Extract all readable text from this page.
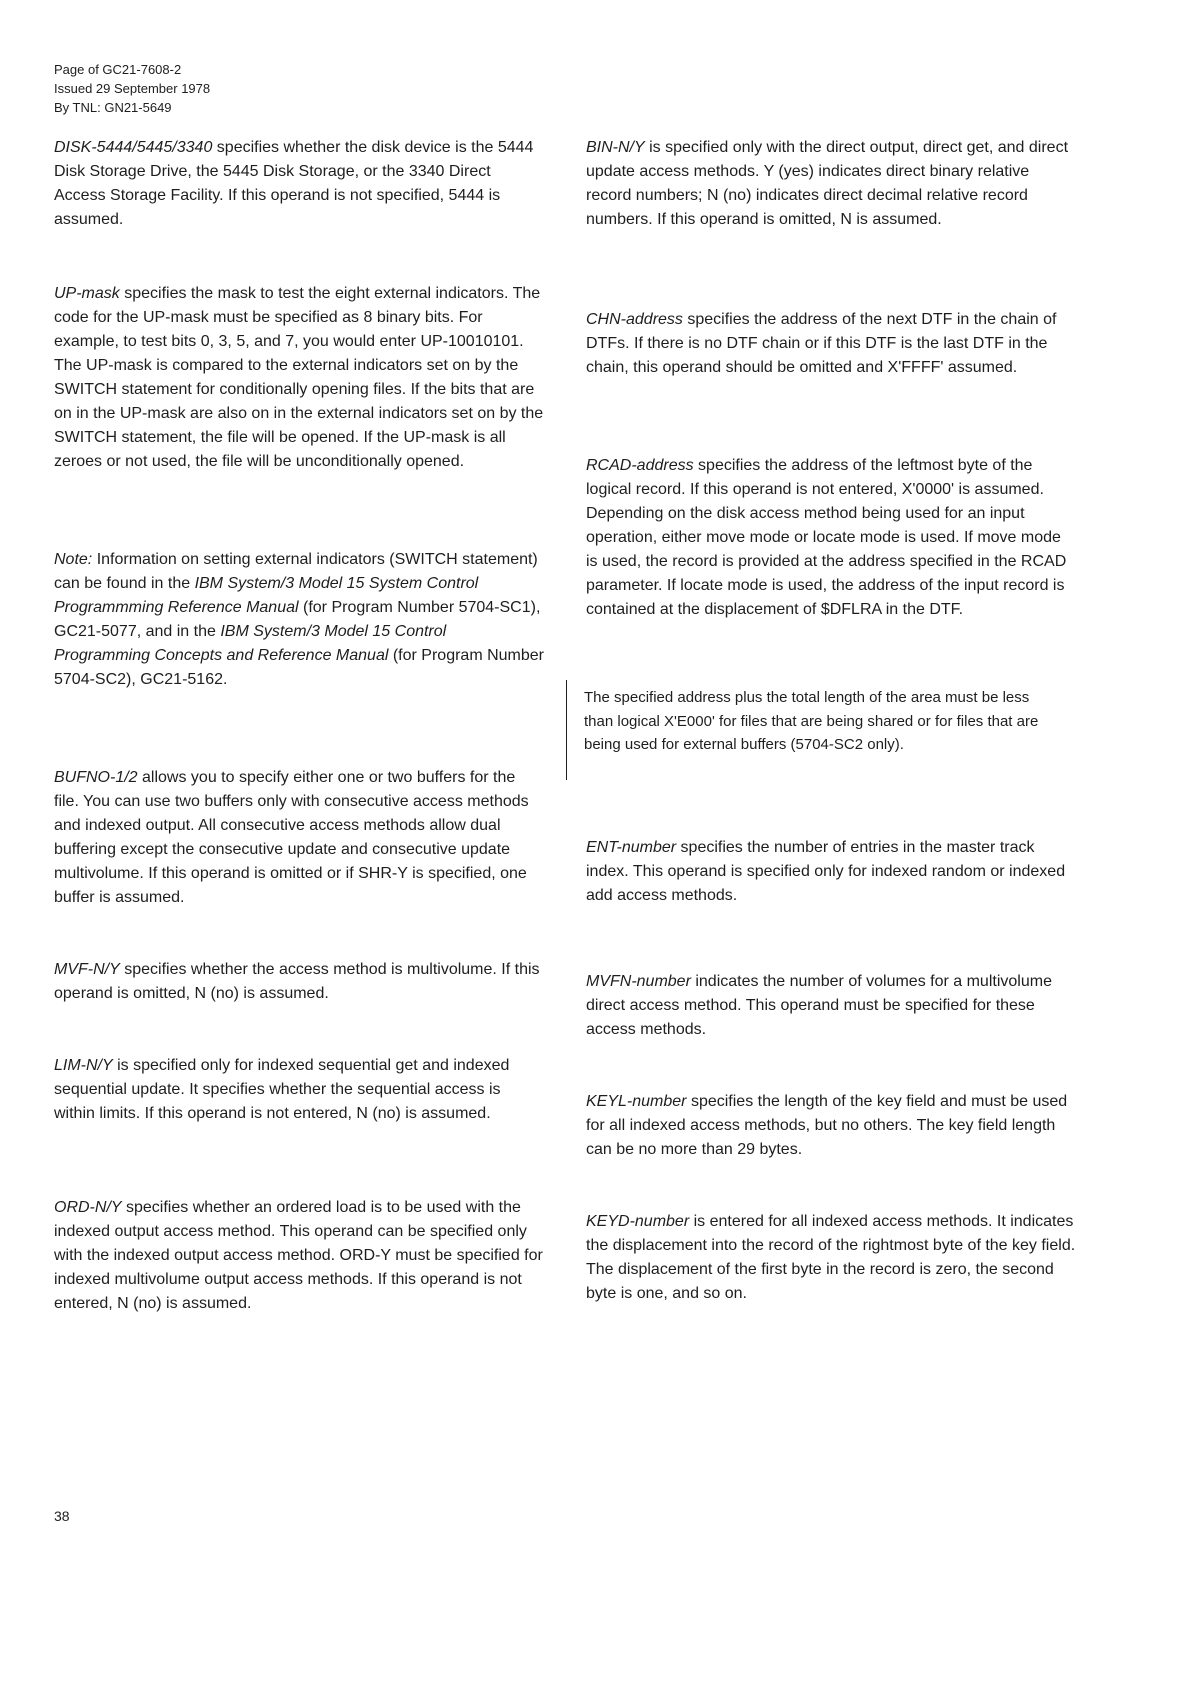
Page of GC21-7608-2
Issued 29 September 1978
By TNL: GN21-5649

DISK-5444/5445/3340 specifies whether the disk device is the 5444 Disk Storage Drive, the 5445 Disk Storage, or the 3340 Direct Access Storage Facility. If this operand is not specified, 5444 is assumed.

UP-mask specifies the mask to test the eight external indicators. The code for the UP-mask must be specified as 8 binary bits. For example, to test bits 0, 3, 5, and 7, you would enter UP-10010101. The UP-mask is compared to the external indicators set on by the SWITCH statement for conditionally opening files. If the bits that are on in the UP-mask are also on in the external indicators set on by the SWITCH statement, the file will be opened. If the UP-mask is all zeroes or not used, the file will be unconditionally opened.

Note: Information on setting external indicators (SWITCH statement) can be found in the IBM System/3 Model 15 System Control Programmming Reference Manual (for Program Number 5704-SC1), GC21-5077, and in the IBM System/3 Model 15 Control Programming Concepts and Reference Manual (for Program Number 5704-SC2), GC21-5162.

BUFNO-1/2 allows you to specify either one or two buffers for the file. You can use two buffers only with consecutive access methods and indexed output. All consecutive access methods allow dual buffering except the consecutive update and consecutive update multivolume. If this operand is omitted or if SHR-Y is specified, one buffer is assumed.

MVF-N/Y specifies whether the access method is multivolume. If this operand is omitted, N (no) is assumed.

LIM-N/Y is specified only for indexed sequential get and indexed sequential update. It specifies whether the sequential access is within limits. If this operand is not entered, N (no) is assumed.

ORD-N/Y specifies whether an ordered load is to be used with the indexed output access method. This operand can be specified only with the indexed output access method. ORD-Y must be specified for indexed multivolume output access methods. If this operand is not entered, N (no) is assumed.

BIN-N/Y is specified only with the direct output, direct get, and direct update access methods. Y (yes) indicates direct binary relative record numbers; N (no) indicates direct decimal relative record numbers. If this operand is omitted, N is assumed.

CHN-address specifies the address of the next DTF in the chain of DTFs. If there is no DTF chain or if this DTF is the last DTF in the chain, this operand should be omitted and X'FFFF' assumed.

RCAD-address specifies the address of the leftmost byte of the logical record. If this operand is not entered, X'0000' is assumed. Depending on the disk access method being used for an input operation, either move mode or locate mode is used. If move mode is used, the record is provided at the address specified in the RCAD parameter. If locate mode is used, the address of the input record is contained at the displacement of $DFLRA in the DTF.

The specified address plus the total length of the area must be less than logical X'E000' for files that are being shared or for files that are being used for external buffers (5704-SC2 only).

ENT-number specifies the number of entries in the master track index. This operand is specified only for indexed random or indexed add access methods.

MVFN-number indicates the number of volumes for a multivolume direct access method. This operand must be specified for these access methods.

KEYL-number specifies the length of the key field and must be used for all indexed access methods, but no others. The key field length can be no more than 29 bytes.

KEYD-number is entered for all indexed access methods. It indicates the displacement into the record of the rightmost byte of the key field. The displacement of the first byte in the record is zero, the second byte is one, and so on.

38
